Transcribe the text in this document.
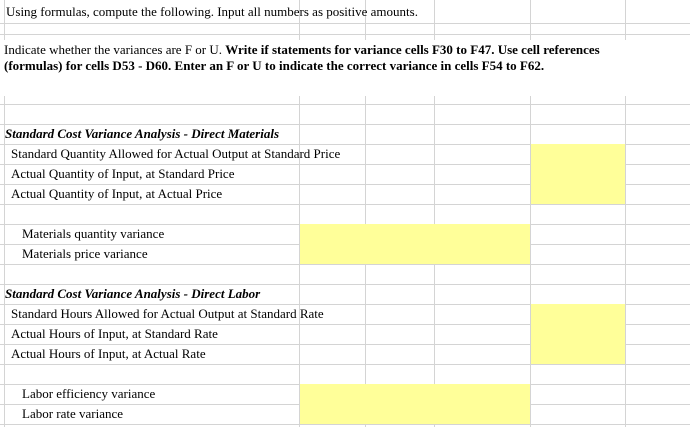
Using formulas, compute the following. Input all numbers as positive amounts.
Indicate whether the variances are F or U. Write if statements for variance cells F30 to F47. Use cell references (formulas) for cells D53 - D60. Enter an F or U to indicate the correct variance in cells F54 to F62.
Standard Cost Variance Analysis - Direct Materials
Standard Quantity Allowed for Actual Output at Standard Price
Actual Quantity of Input, at Standard Price
Actual Quantity of Input, at Actual Price
Materials quantity variance
Materials price variance
Standard Cost Variance Analysis - Direct Labor
Standard Hours Allowed for Actual Output at Standard Rate
Actual Hours of Input, at Standard Rate
Actual Hours of Input, at Actual Rate
Labor efficiency variance
Labor rate variance
